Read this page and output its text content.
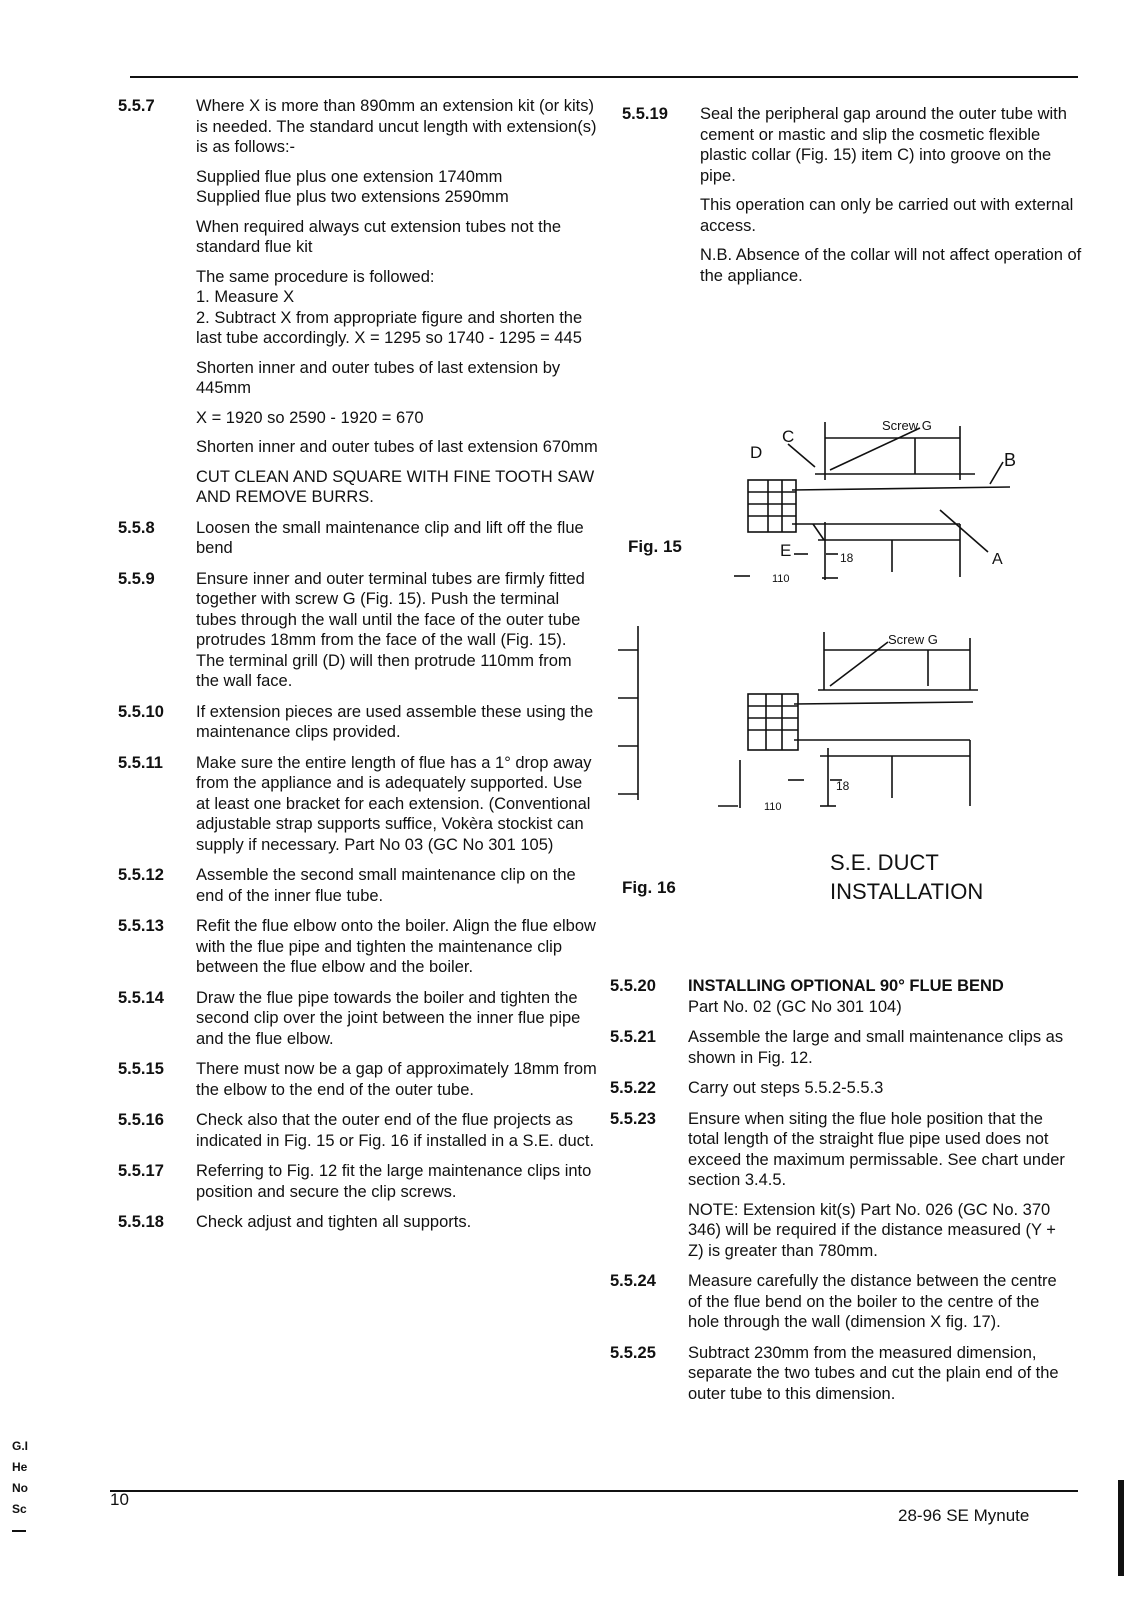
5.5.7	Where X is more than 890mm an extension kit (or kits) is needed. The standard uncut length with extension(s) is as follows:-

Supplied flue plus one extension 1740mm
Supplied flue plus two extensions 2590mm

When required always cut extension tubes not the standard flue kit

The same procedure is followed:
1. Measure X
2. Subtract X from appropriate figure and shorten the last tube accordingly. X = 1295 so 1740 - 1295 = 445

Shorten inner and outer tubes of last extension by 445mm

X = 1920 so 2590 - 1920 = 670

Shorten inner and outer tubes of last extension 670mm

CUT CLEAN AND SQUARE WITH FINE TOOTH SAW AND REMOVE BURRS.

5.5.8	Loosen the small maintenance clip and lift off the flue bend

5.5.9	Ensure inner and outer terminal tubes are firmly fitted together with screw G (Fig. 15). Push the terminal tubes through the wall until the face of the outer tube protrudes 18mm from the face of the wall (Fig. 15). The terminal grill (D) will then protrude 110mm from the wall face.

5.5.10	If extension pieces are used assemble these using the maintenance clips provided.

5.5.11	Make sure the entire length of flue has a 1° drop away from the appliance and is adequately supported. Use at least one bracket for each extension. (Conventional adjustable strap supports suffice, Vokèra stockist can supply if necessary. Part No 03 (GC No 301 105)

5.5.12	Assemble the second small maintenance clip on the end of the inner flue tube.

5.5.13	Refit the flue elbow onto the boiler. Align the flue elbow with the flue pipe and tighten the maintenance clip between the flue elbow and the boiler.

5.5.14	Draw the flue pipe towards the boiler and tighten the second clip over the joint between the inner flue pipe and the flue elbow.

5.5.15	There must now be a gap of approximately 18mm from the elbow to the end of the outer tube.

5.5.16	Check also that the outer end of the flue projects as indicated in Fig. 15 or Fig. 16 if installed in a S.E. duct.

5.5.17	Referring to Fig. 12 fit the large maintenance clips into position and secure the clip screws.

5.5.18	Check adjust and tighten all supports.

5.5.19	Seal the peripheral gap around the outer tube with cement or mastic and slip the cosmetic flexible plastic collar (Fig. 15) item C) into groove on the pipe.

This operation can only be carried out with external access.

N.B. Absence of the collar will not affect operation of the appliance.

5.5.20	INSTALLING OPTIONAL 90° FLUE BEND

Part No. 02 (GC No 301 104)

5.5.21	Assemble the large and small maintenance clips as shown in Fig. 12.

5.5.22	Carry out steps 5.5.2-5.5.3

5.5.23	Ensure when siting the flue hole position that the total length of the straight flue pipe used does not exceed the maximum permissable. See chart under section 3.4.5.

NOTE: Extension kit(s) Part No. 026 (GC No. 370 346) will be required if the distance measured (Y + Z) is greater than 780mm.

5.5.24	Measure carefully the distance between the centre of the flue bend on the boiler to the centre of the hole through the wall (dimension X fig. 17).

5.5.25	Subtract 230mm from the measured dimension, separate the two tubes and cut the plain end of the outer tube to this dimension.

Fig. 15
Fig. 16
S.E. DUCT
INSTALLATION
Screw G
B
A
C
D
E	18
110
Screw G
18
110
10
28-96 SE Mynute
G.I
He
No
Sc
